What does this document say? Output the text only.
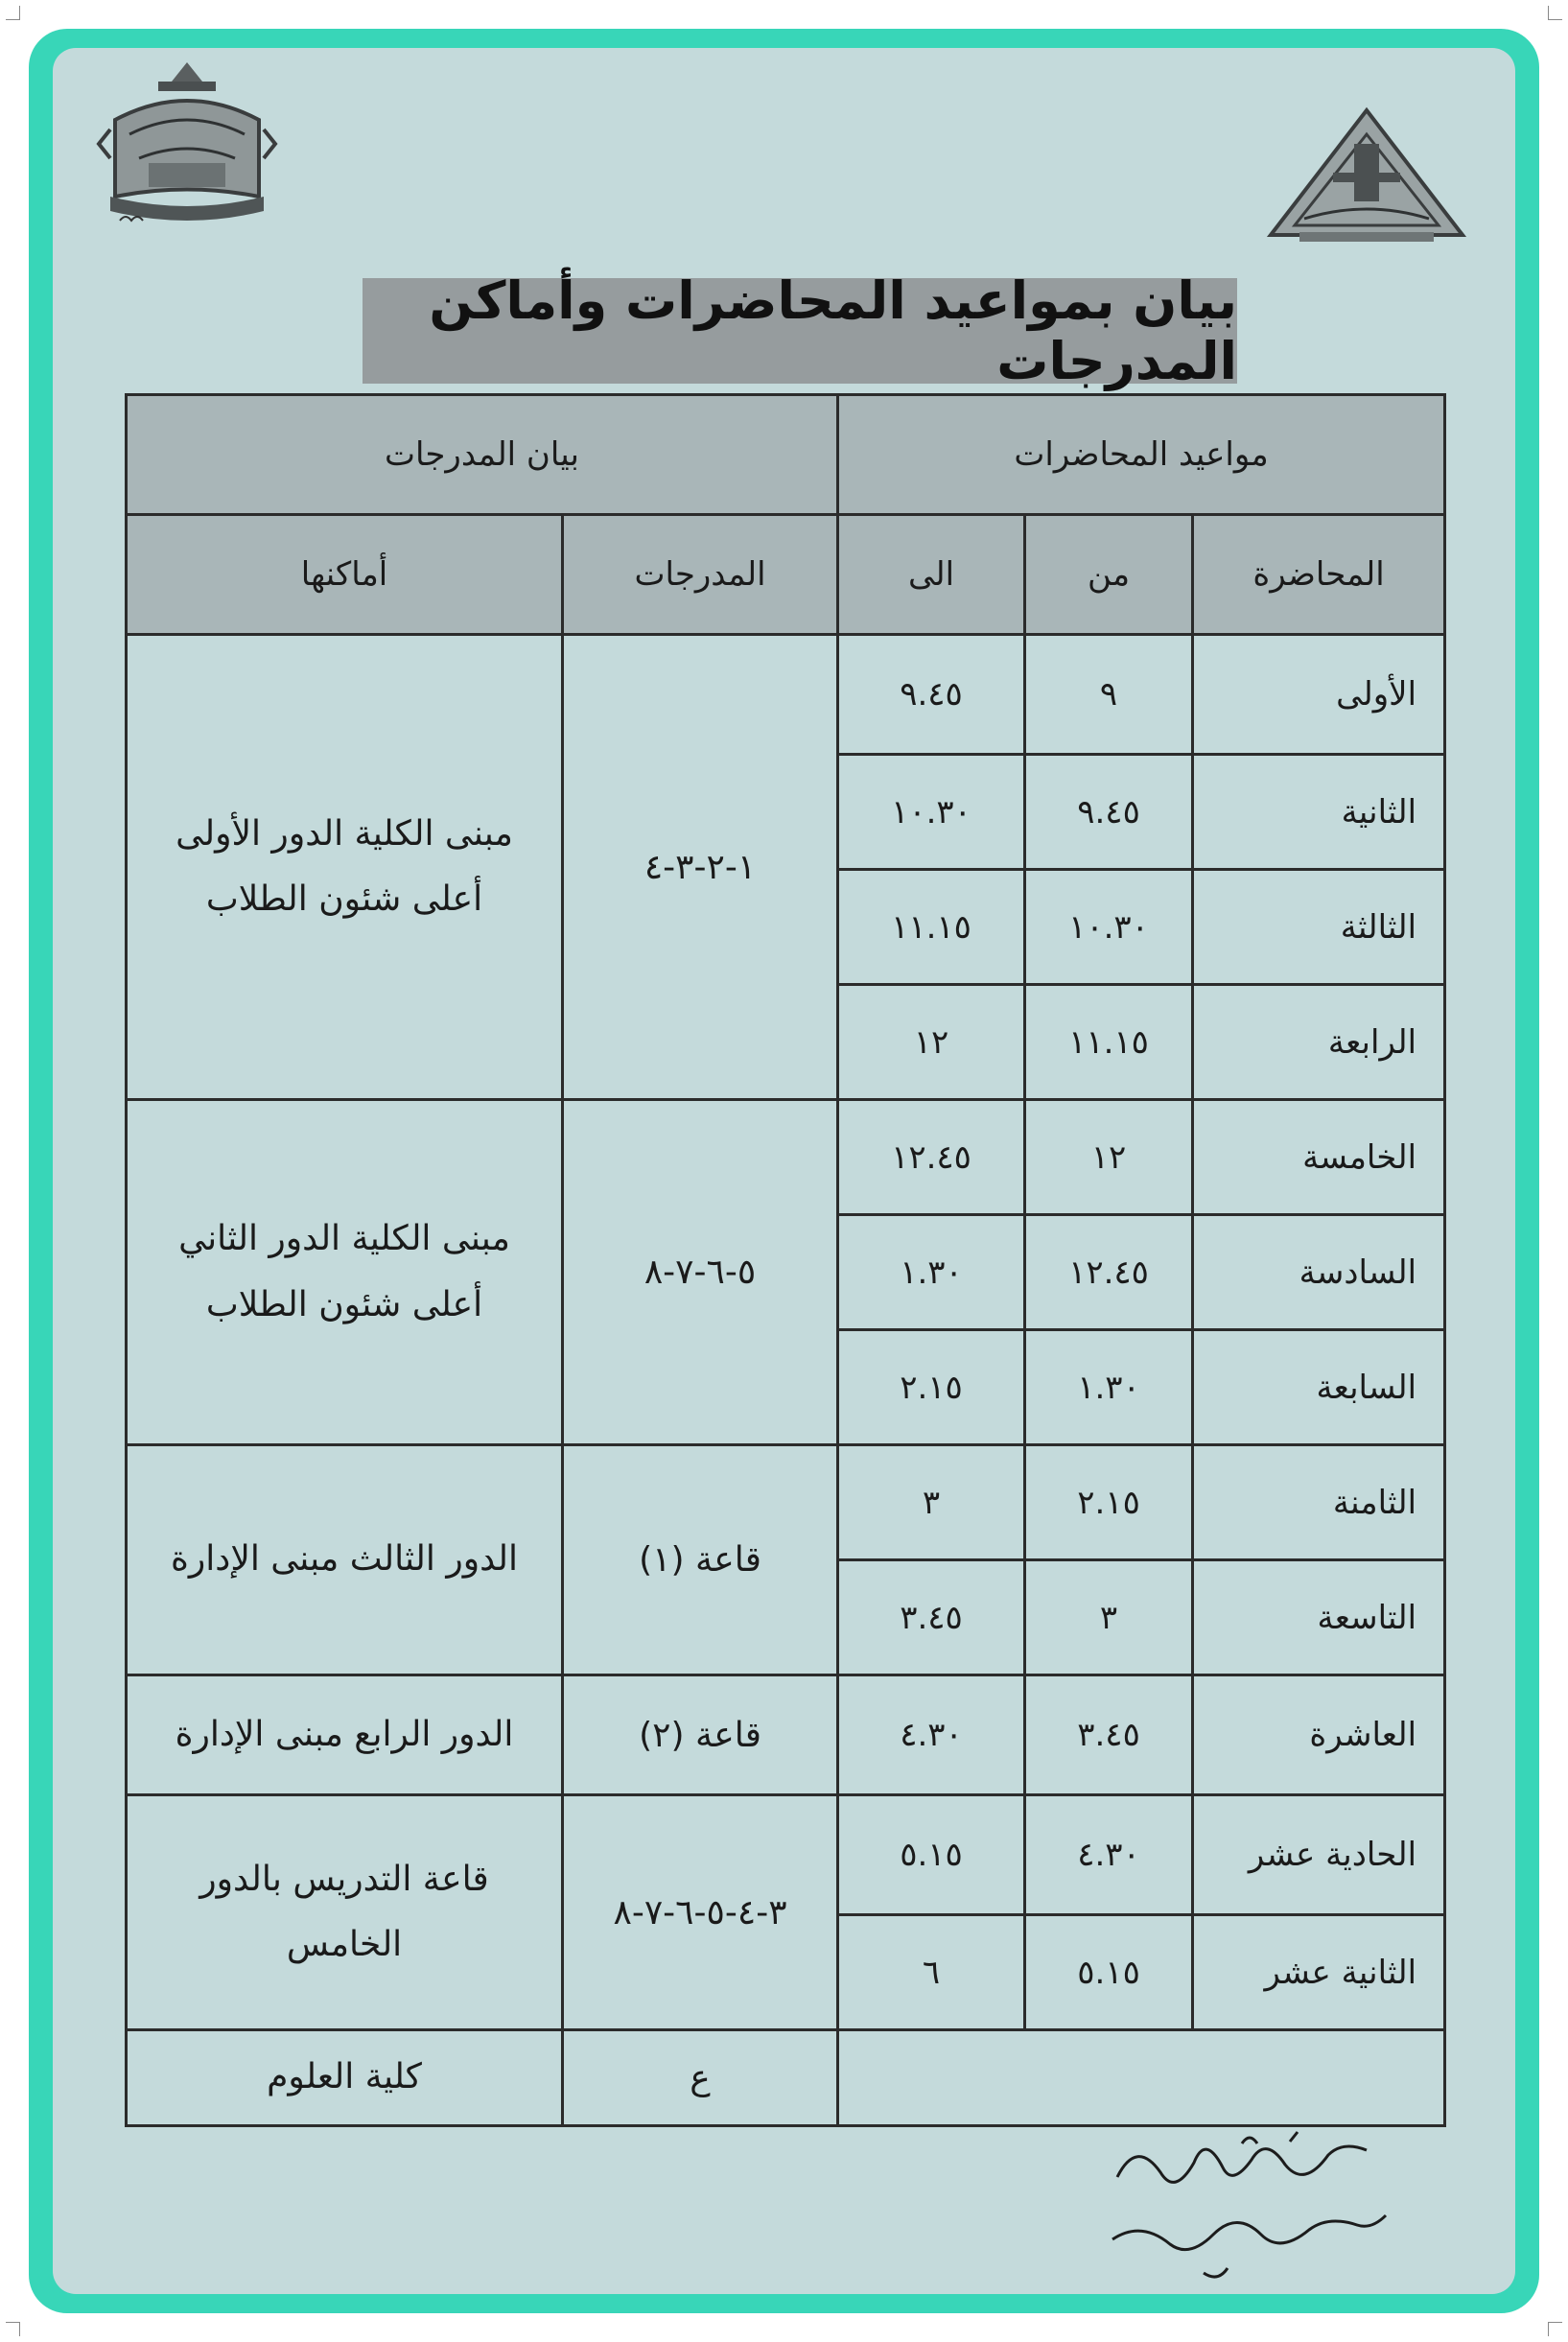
بيان بمواعيد المحاضرات وأماكن المدرجات
مواعيد المحاضرات			بيان المدرجات	
المحاضرة	من	الى	المدرجات	أماكنها
الأولى	٩	٩.٤٥	١-٢-٣-٤	مبنى الكلية الدور الأولى
أعلى شئون الطلاب

الثانية	٩.٤٥	١٠.٣٠		
الثالثة	١٠.٣٠	١١.١٥		
الرابعة	١١.١٥	١٢		
الخامسة	١٢	١٢.٤٥	٥-٦-٧-٨	مبنى الكلية الدور الثاني
أعلى شئون الطلاب

السادسة	١٢.٤٥	١.٣٠		
السابعة	١.٣٠	٢.١٥		
الثامنة	٢.١٥	٣	قاعة (١)	الدور الثالث مبنى الإدارة

التاسعة	٣	٣.٤٥		
العاشرة	٣.٤٥	٤.٣٠	قاعة (٢)	الدور الرابع مبنى الإدارة

الحادية عشر	٤.٣٠	٥.١٥	٣-٤-٥-٦-٧-٨	قاعة التدريس بالدور
الخامس

الثانية عشر	٥.١٥	٦		
			ع	كلية العلوم
